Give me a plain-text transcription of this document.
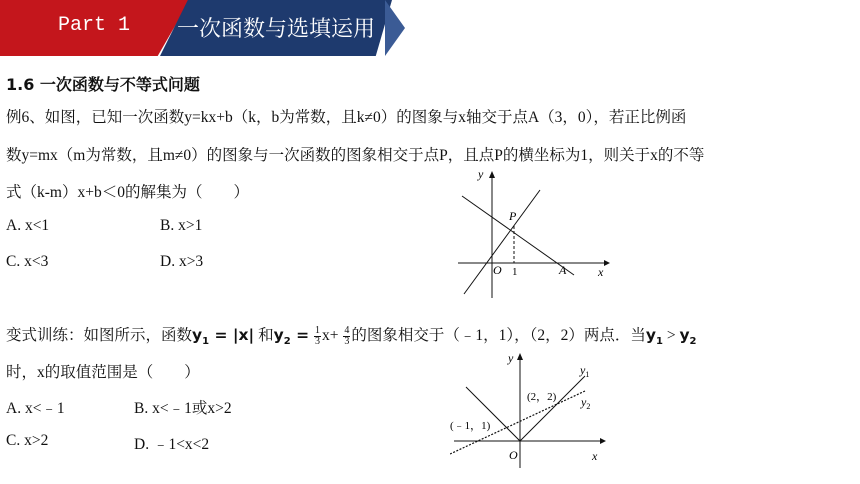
Part 1 一次函数与选填运用
1.6 一次函数与不等式问题
例6、如图，已知一次函数y=kx+b（k，b为常数，且k≠0）的图象与x轴交于点A（3，0），若正比例函
数y=mx（m为常数，且m≠0）的图象与一次函数的图象相交于点P，且点P的横坐标为1，则关于x的不等
式（k-m）x+b＜0的解集为（　　）
A. x<1	B. x>1
C. x<3	D. x>3
y
x
O
P
A
1
变式训练：如图所示，函数$y_1 = |x|$ 和$y_2 = \frac{1}{3} x+ \frac{4}{3}$ 的图象相交于（﹣1，1），（2，2）两点．当$y_1 > y_2$
时，x的取值范围是（　　）
A. x<﹣1	B. x<﹣1或x>2
C. x>2	D. ﹣1<x<2
y
x
O
(﹣1，1)
(2，2)
$y_1$
$y_2$
